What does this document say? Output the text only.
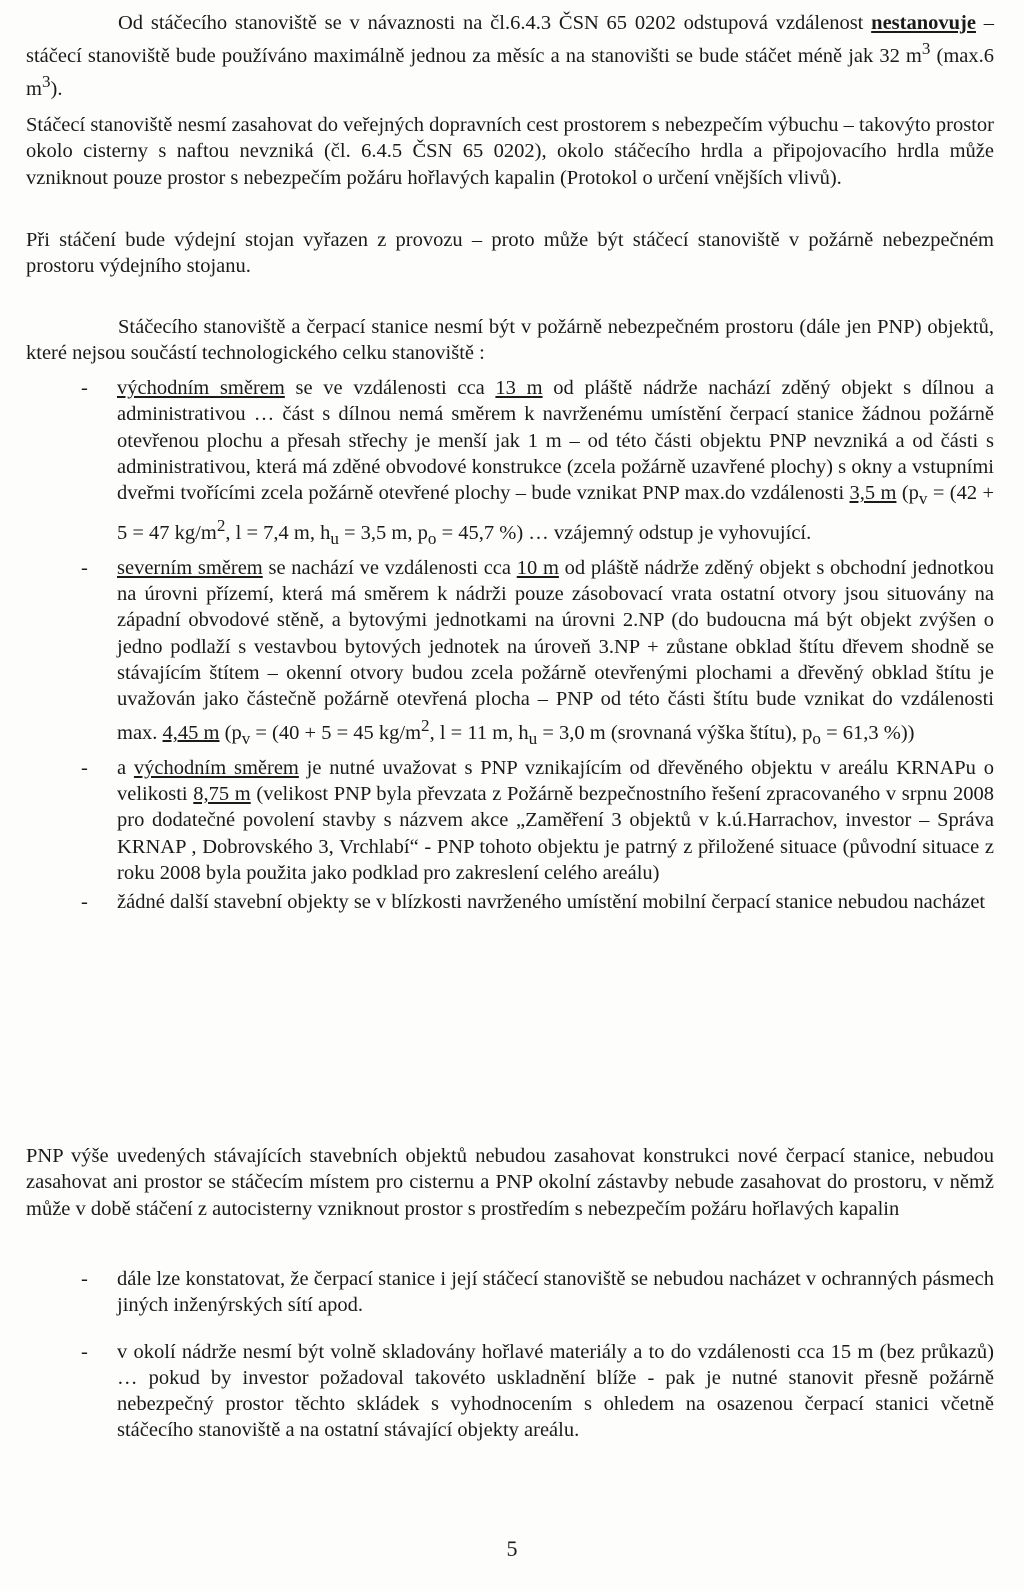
Od stáčecího stanoviště se v návaznosti na čl.6.4.3 ČSN 65 0202 odstupová vzdálenost nestanovuje – stáčecí stanoviště bude používáno maximálně jednou za měsíc a na stanovišti se bude stáčet méně jak 32 $m^3$ (max.6 $m^3$).

Stáčecí stanoviště nesmí zasahovat do veřejných dopravních cest prostorem s nebezpečím výbuchu – takovýto prostor okolo cisterny s naftou nevzniká (čl. 6.4.5 ČSN 65 0202), okolo stáčecího hrdla a připojovacího hrdla může vzniknout pouze prostor s nebezpečím požáru hořlavých kapalin (Protokol o určení vnějších vlivů).

Při stáčení bude výdejní stojan vyřazen z provozu – proto může být stáčecí stanoviště v požárně nebezpečném prostoru výdejního stojanu.

Stáčecího stanoviště a čerpací stanice nesmí být v požárně nebezpečném prostoru (dále jen PNP) objektů, které nejsou součástí technologického celku stanoviště :

- východním směrem se ve vzdálenosti cca 13 m od pláště nádrže nachází zděný objekt s dílnou a administrativou … část s dílnou nemá směrem k navrženému umístění čerpací stanice žádnou požárně otevřenou plochu a přesah střechy je menší jak 1 m – od této části objektu PNP nevzniká a od části s administrativou, která má zděné obvodové konstrukce (zcela požárně uzavřené plochy) s okny a vstupními dveřmi tvořícími zcela požárně otevřené plochy – bude vznikat PNP max.do vzdálenosti 3,5 m ($p_v = (42 + 5 = 47$ $kg/m^2$, l = 7,4 m, $h_u = 3,5$ m, $p_o = 45,7$ %) … vzájemný odstup je vyhovující.
- severním směrem se nachází ve vzdálenosti cca 10 m od pláště nádrže zděný objekt s obchodní jednotkou na úrovni přízemí, která má směrem k nádrži pouze zásobovací vrata ostatní otvory jsou situovány na západní obvodové stěně, a bytovými jednotkami na úrovni 2.NP (do budoucna má být objekt zvýšen o jedno podlaží s vestavbou bytových jednotek na úroveň 3.NP + zůstane obklad štítu dřevem shodně se stávajícím štítem – okenní otvory budou zcela požárně otevřenými plochami a dřevěný obklad štítu je uvažován jako částečně požárně otevřená plocha – PNP od této části štítu bude vznikat do vzdálenosti max. 4,45 m ($p_v = (40 + 5 = 45$ $kg/m^2$, l = 11 m, $h_u = 3,0$ m (srovnaná výška štítu), $p_o = 61,3$ %))
- a východním směrem je nutné uvažovat s PNP vznikajícím od dřevěného objektu v areálu KRNAPu o velikosti 8,75 m (velikost PNP byla převzata z Požárně bezpečnostního řešení zpracovaného v srpnu 2008 pro dodatečné povolení stavby s názvem akce „Zaměření 3 objektů v k.ú.Harrachov, investor – Správa KRNAP , Dobrovského 3, Vrchlabí“ - PNP tohoto objektu je patrný z přiložené situace (původní situace z roku 2008 byla použita jako podklad pro zakreslení celého areálu)
- žádné další stavební objekty se v blízkosti navrženého umístění mobilní čerpací stanice nebudou nacházet

PNP výše uvedených stávajících stavebních objektů nebudou zasahovat konstrukci nové čerpací stanice, nebudou zasahovat ani prostor se stáčecím místem pro cisternu a PNP okolní zástavby nebude zasahovat do prostoru, v němž může v době stáčení z autocisterny vzniknout prostor s prostředím s nebezpečím požáru hořlavých kapalin

- dále lze konstatovat, že čerpací stanice i její stáčecí stanoviště se nebudou nacházet v ochranných pásmech jiných inženýrských sítí apod.
- v okolí nádrže nesmí být volně skladovány hořlavé materiály a to do vzdálenosti cca 15 m (bez průkazů) … pokud by investor požadoval takovéto uskladnění blíže - pak je nutné stanovit přesně požárně nebezpečný prostor těchto skládek s vyhodnocením s ohledem na osazenou čerpací stanici včetně stáčecího stanoviště a na ostatní stávající objekty areálu.
5
